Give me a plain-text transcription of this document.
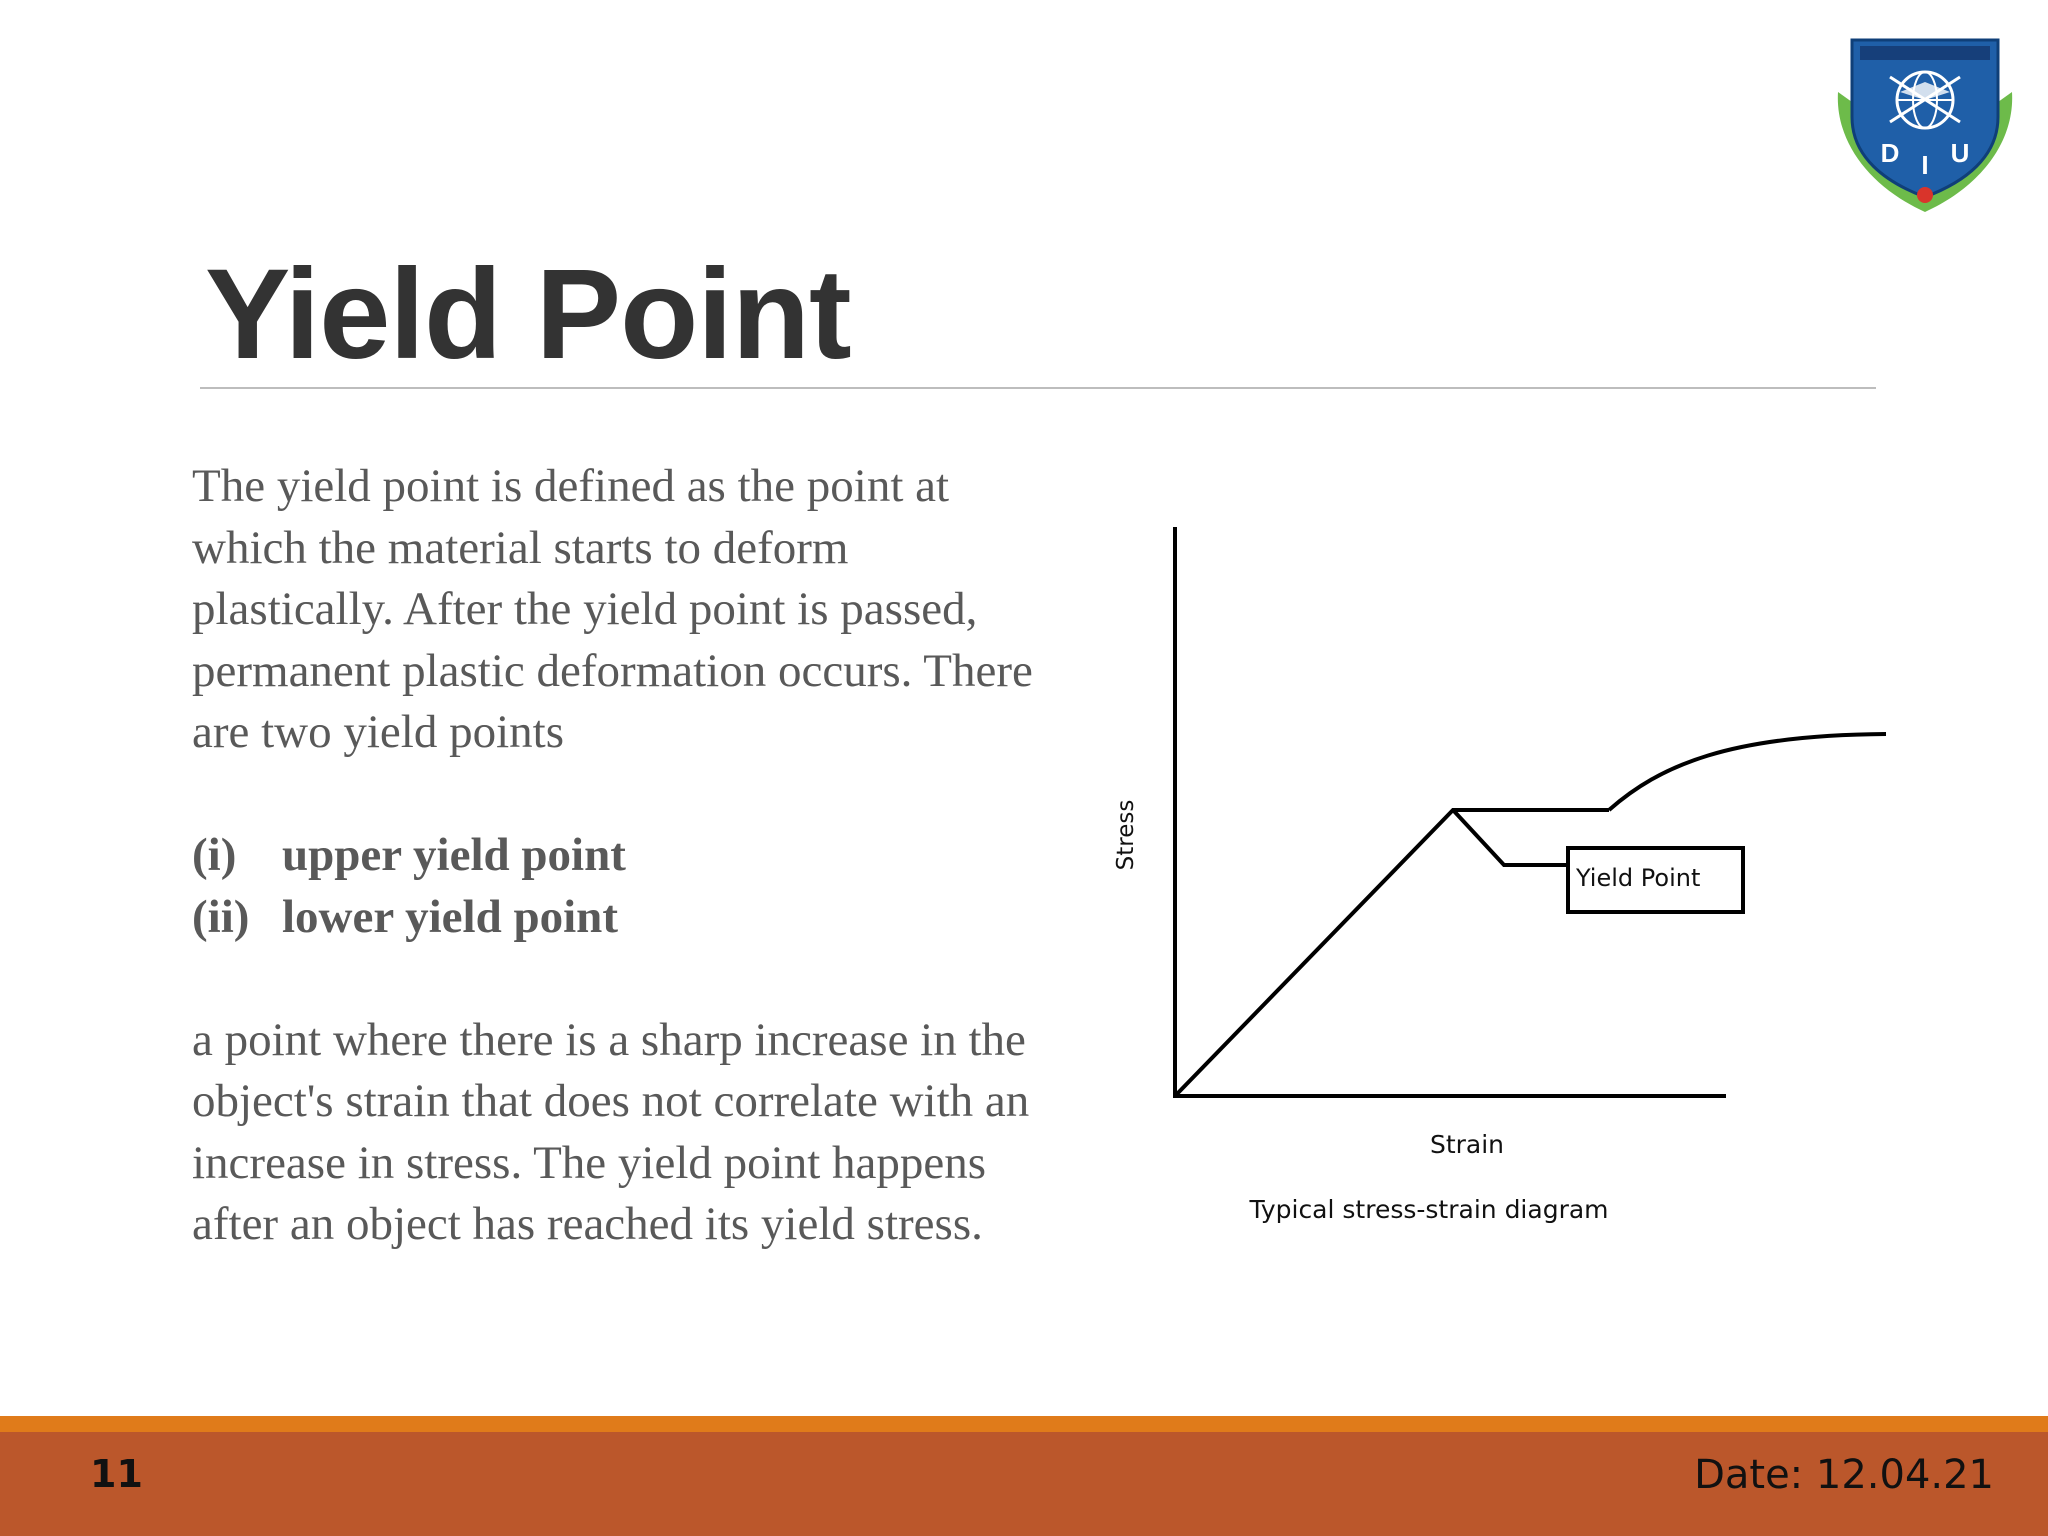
D I U
Yield Point

The yield point is defined as the point at

which the material starts to deform

plastically. After the yield point is passed,

permanent plastic deformation occurs. There

are two yield points

(i) upper yield point

(ii) lower yield point

a point where there is a sharp increase in the

object's strain that does not correlate with an

increase in stress. The yield point happens

after an object has reached its yield stress.

Yield Point
Stress
Strain
Typical stress-strain diagram

11	Date: 12.04.21
